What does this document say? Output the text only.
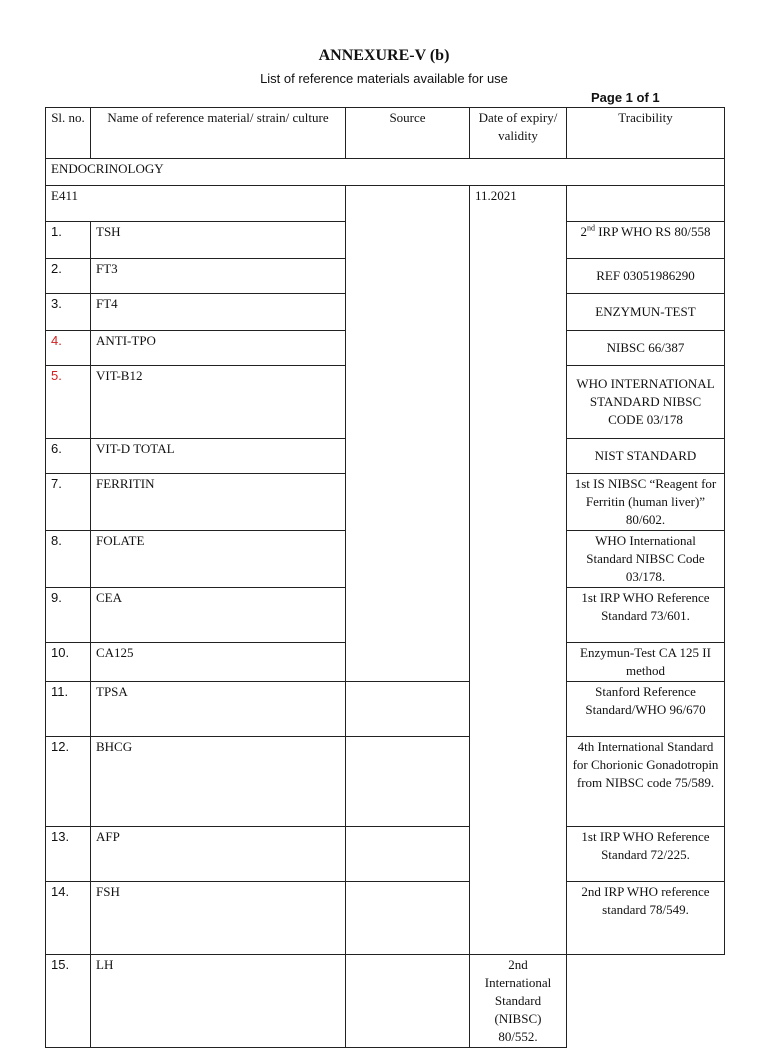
ANNEXURE-V (b)
List of reference materials available for use
Page 1 of 1
Sl. no.	Name of reference material/ strain/ culture	Source	Date of expiry/ validity	Tracibility
ENDOCRINOLOGY				
E411			11.2021	
1.	TSH			2nd IRP WHO RS 80/558
2.	FT3			REF 03051986290
3.	FT4			ENZYMUN-TEST
4.	ANTI-TPO			NIBSC 66/387
5.	VIT-B12			WHO INTERNATIONAL STANDARD NIBSC CODE 03/178
6.	VIT-D TOTAL			NIST STANDARD
7.	FERRITIN			1st IS NIBSC “Reagent for Ferritin (human liver)” 80/602.
8.	FOLATE			WHO International Standard NIBSC Code 03/178.
9.	CEA			1st IRP WHO Reference Standard 73/601.
10.	CA125			Enzymun-Test CA 125 II method
11.	TPSA			Stanford Reference Standard/WHO 96/670
12.	BHCG			4th International Standard for Chorionic Gonadotropin from NIBSC code 75/589.
13.	AFP			1st IRP WHO Reference Standard 72/225.
14.	FSH			2nd IRP WHO reference standard 78/549.
15.	LH		2nd International Standard (NIBSC) 80/552.	
